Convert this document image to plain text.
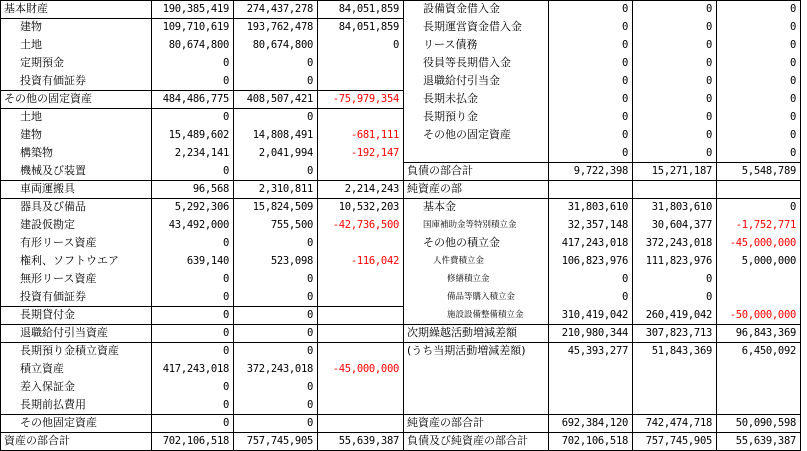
基本財産	190,385,419	274,437,278	84,051,859
建物	109,710,619	193,762,478	84,051,859
土地	80,674,800	80,674,800	0
定期預金	0	0
投資有価証券	0	0
その他の固定資産	484,486,775	408,507,421	-75,979,354
土地	0	0
建物	15,489,602	14,808,491	-681,111
構築物	2,234,141	2,041,994	-192,147
機械及び装置	0	0
車両運搬具	96,568	2,310,811	2,214,243
器具及び備品	5,292,306	15,824,509	10,532,203
建設仮勘定	43,492,000	755,500	-42,736,500
有形リース資産	0	0
権利、ソフトウエア	639,140	523,098	-116,042
無形リース資産	0	0
投資有価証券	0	0
長期貸付金	0	0
退職給付引当資産	0	0
長期預り金積立資産	0	0
積立資産	417,243,018	372,243,018	-45,000,000
差入保証金	0	0
長期前払費用	0	0
その他固定資産	0	0
資産の部合計	702,106,518	757,745,905	55,639,387
設備資金借入金	0	0	0
長期運営資金借入金	0	0	0
リース債務	0	0	0
役員等長期借入金	0	0	0
退職給付引当金	0	0	0
長期未払金	0	0	0
長期預り金	0	0	0
その他の固定資産	0	0	0
0	0	0
負債の部合計	9,722,398	15,271,187	5,548,789
純資産の部
基本金	31,803,610	31,803,610	0
国庫補助金等特別積立金	32,357,148	30,604,377	-1,752,771
その他の積立金	417,243,018	372,243,018	-45,000,000
人件費積立金	106,823,976	111,823,976	5,000,000
修繕積立金	0	0
備品等購入積立金	0	0
施設設備整備積立金	310,419,042	260,419,042	-50,000,000
次期繰越活動増減差額	210,980,344	307,823,713	96,843,369
(うち当期活動増減差額)	45,393,277	51,843,369	6,450,092
純資産の部合計	692,384,120	742,474,718	50,090,598
負債及び純資産の部合計	702,106,518	757,745,905	55,639,387
